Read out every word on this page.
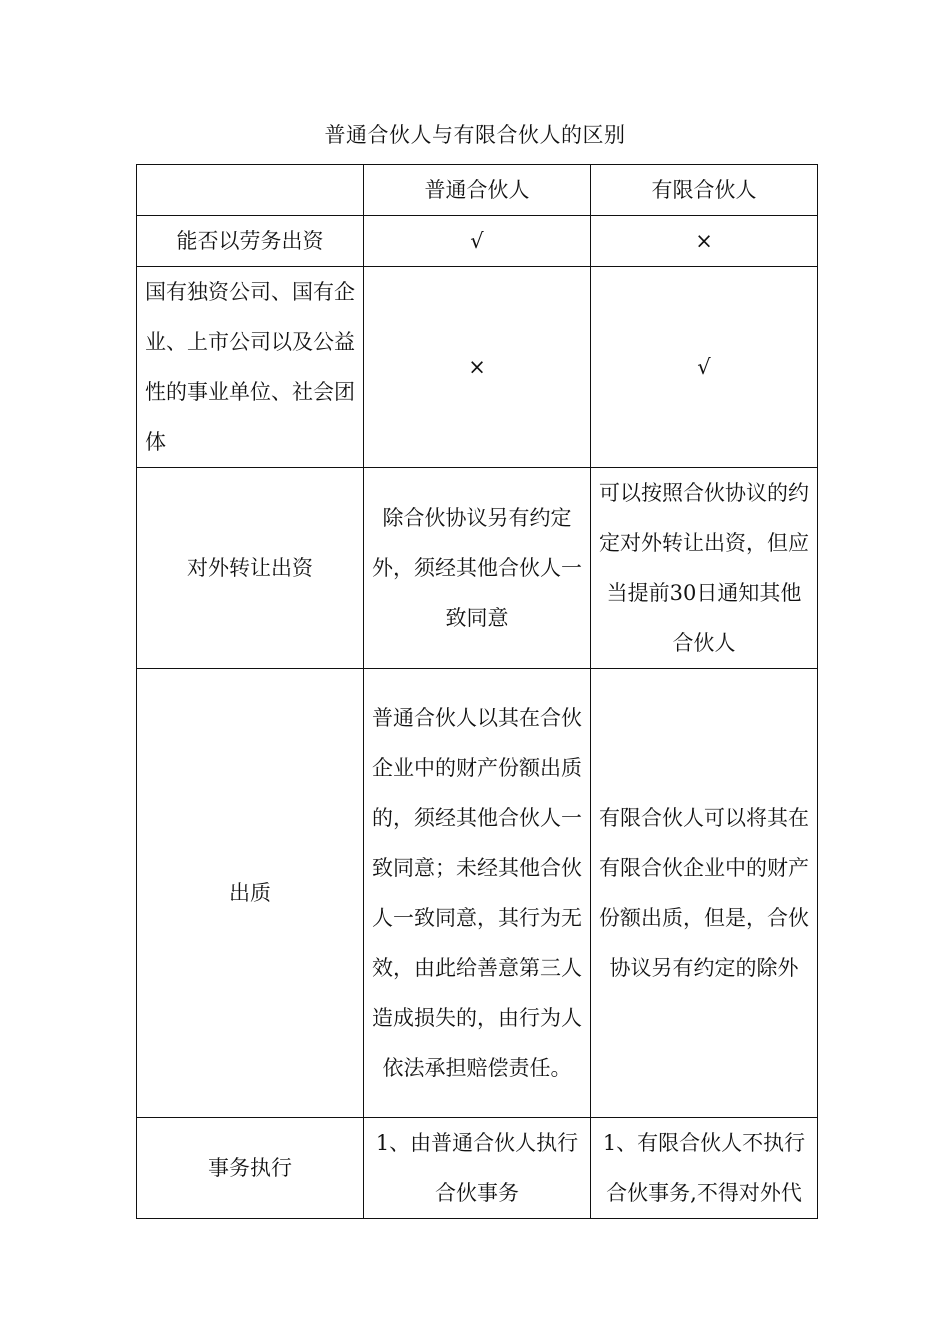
普通合伙人与有限合伙人的区别
	普通合伙人	有限合伙人
能否以劳务出资	√	×
国有独资公司、国有企业、上市公司以及公益性的事业单位、社会团体	×	√
对外转让出资	除合伙协议另有约定外，须经其他合伙人一致同意	可以按照合伙协议的约定对外转让出资，但应当提前30日通知其他合伙人
出质	普通合伙人以其在合伙企业中的财产份额出质的，须经其他合伙人一致同意；未经其他合伙人一致同意，其行为无效，由此给善意第三人造成损失的，由行为人依法承担赔偿责任。	有限合伙人可以将其在有限合伙企业中的财产份额出质，但是，合伙协议另有约定的除外
事务执行	1、由普通合伙人执行合伙事务	1、有限合伙人不执行合伙事务,不得对外代
